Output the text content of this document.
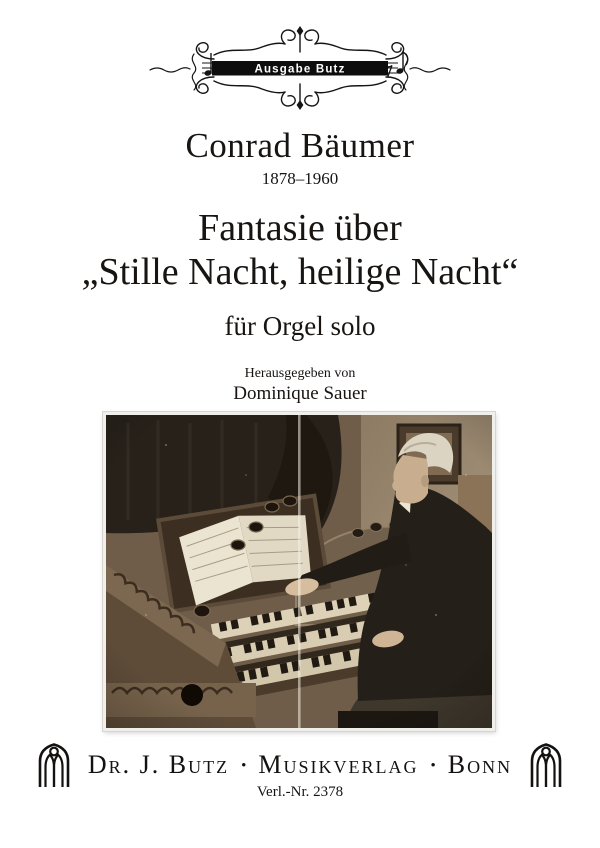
Ausgabe Butz
Conrad Bäumer
1878–1960
Fantasie über
„Stille Nacht, heilige Nacht“
für Orgel solo
Herausgegeben von
Dominique Sauer
Dr. J. Butz • Musikverlag • Bonn
Verl.-Nr. 2378
